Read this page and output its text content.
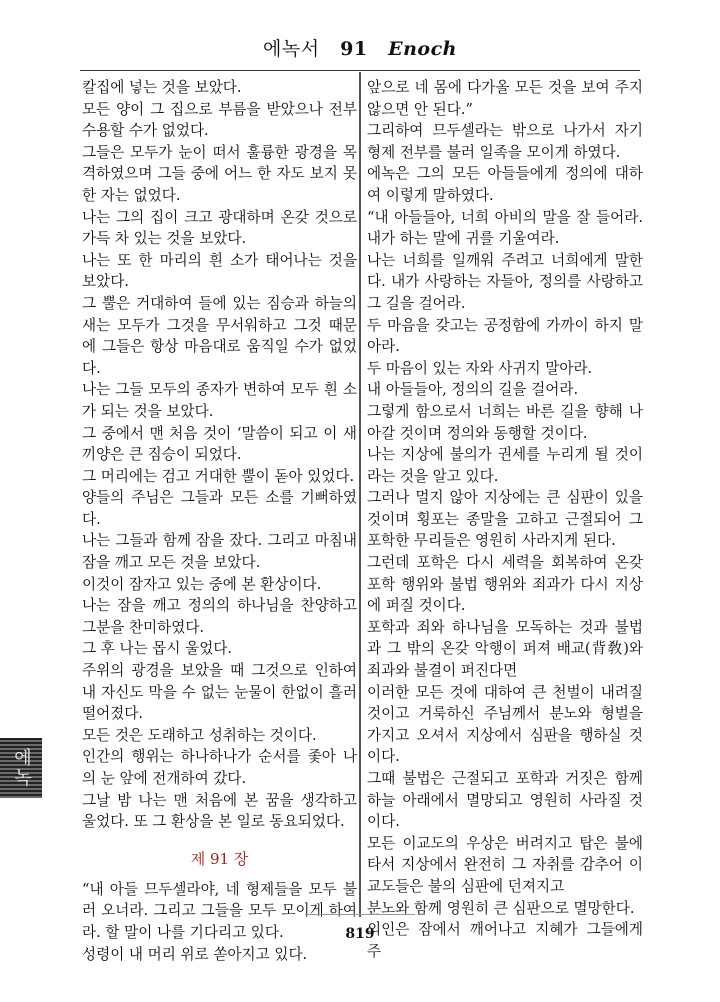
에녹서 91 Enoch
에녹

칼집에 넣는 것을 보았다.

모든 양이 그 집으로 부름을 받았으나 전부 수용할 수가 없었다.

그들은 모두가 눈이 떠서 훌륭한 광경을 목격하였으며 그들 중에 어느 한 자도 보지 못한 자는 없었다.

나는 그의 집이 크고 광대하며 온갖 것으로 가득 차 있는 것을 보았다.

나는 또 한 마리의 흰 소가 태어나는 것을 보았다.

그 뿔은 거대하여 들에 있는 짐승과 하늘의 새는 모두가 그것을 무서워하고 그것 때문에 그들은 항상 마음대로 움직일 수가 없었다.

나는 그들 모두의 종자가 변하여 모두 흰 소가 되는 것을 보았다.

그 중에서 맨 처음 것이 ‘말씀이 되고 이 새끼양은 큰 짐승이 되었다.

그 머리에는 검고 거대한 뿔이 돋아 있었다.

양들의 주님은 그들과 모든 소를 기뻐하였다.

나는 그들과 함께 잠을 잤다. 그리고 마침내 잠을 깨고 모든 것을 보았다.

이것이 잠자고 있는 중에 본 환상이다.

나는 잠을 깨고 정의의 하나님을 찬양하고 그분을 찬미하였다.

그 후 나는 몹시 울었다.

주위의 광경을 보았을 때 그것으로 인하여 내 자신도 막을 수 없는 눈물이 한없이 흘러 떨어졌다.

모든 것은 도래하고 성취하는 것이다.

인간의 행위는 하나하나가 순서를 좇아 나의 눈 앞에 전개하여 갔다.

그날 밤 나는 맨 처음에 본 꿈을 생각하고 울었다. 또 그 환상을 본 일로 동요되었다.

제 91 장

“내 아들 므두셀라야, 네 형제들을 모두 불러 오너라. 그리고 그들을 모두 모이게 하여라. 할 말이 나를 기다리고 있다.

성령이 내 머리 위로 쏟아지고 있다.

앞으로 네 몸에 다가올 모든 것을 보여 주지 않으면 안 된다.”

그리하여 므두셀라는 밖으로 나가서 자기 형제 전부를 불러 일족을 모이게 하였다.

에녹은 그의 모든 아들들에게 정의에 대하여 이렇게 말하였다.

“내 아들들아, 너희 아비의 말을 잘 들어라. 내가 하는 말에 귀를 기울여라.

나는 너희를 일깨워 주려고 너희에게 말한다. 내가 사랑하는 자들아, 정의를 사랑하고 그 길을 걸어라.

두 마음을 갖고는 공정함에 가까이 하지 말아라.

두 마음이 있는 자와 사귀지 말아라.

내 아들들아, 정의의 길을 걸어라.

그렇게 함으로서 너희는 바른 길을 향해 나아갈 것이며 정의와 동행할 것이다.

나는 지상에 불의가 권세를 누리게 될 것이라는 것을 알고 있다.

그러나 멀지 않아 지상에는 큰 심판이 있을 것이며 횡포는 종말을 고하고 근절되어 그 포학한 무리들은 영원히 사라지게 된다.

그런데 포학은 다시 세력을 회복하여 온갖 포학 행위와 불법 행위와 죄과가 다시 지상에 퍼질 것이다.

포학과 죄와 하나님을 모독하는 것과 불법과 그 밖의 온갖 악행이 퍼져 배교(背敎)와 죄과와 불결이 퍼진다면

이러한 모든 것에 대하여 큰 천벌이 내려질 것이고 거룩하신 주님께서 분노와 형벌을 가지고 오셔서 지상에서 심판을 행하실 것이다.

그때 불법은 근절되고 포학과 거짓은 함께 하늘 아래에서 멸망되고 영원히 사라질 것이다.

모든 이교도의 우상은 버려지고 탑은 불에 타서 지상에서 완전히 그 자취를 감추어 이교도들은 불의 심판에 던져지고

분노와 함께 영원히 큰 심판으로 멸망한다.

의인은 잠에서 깨어나고 지혜가 그들에게 주

819
